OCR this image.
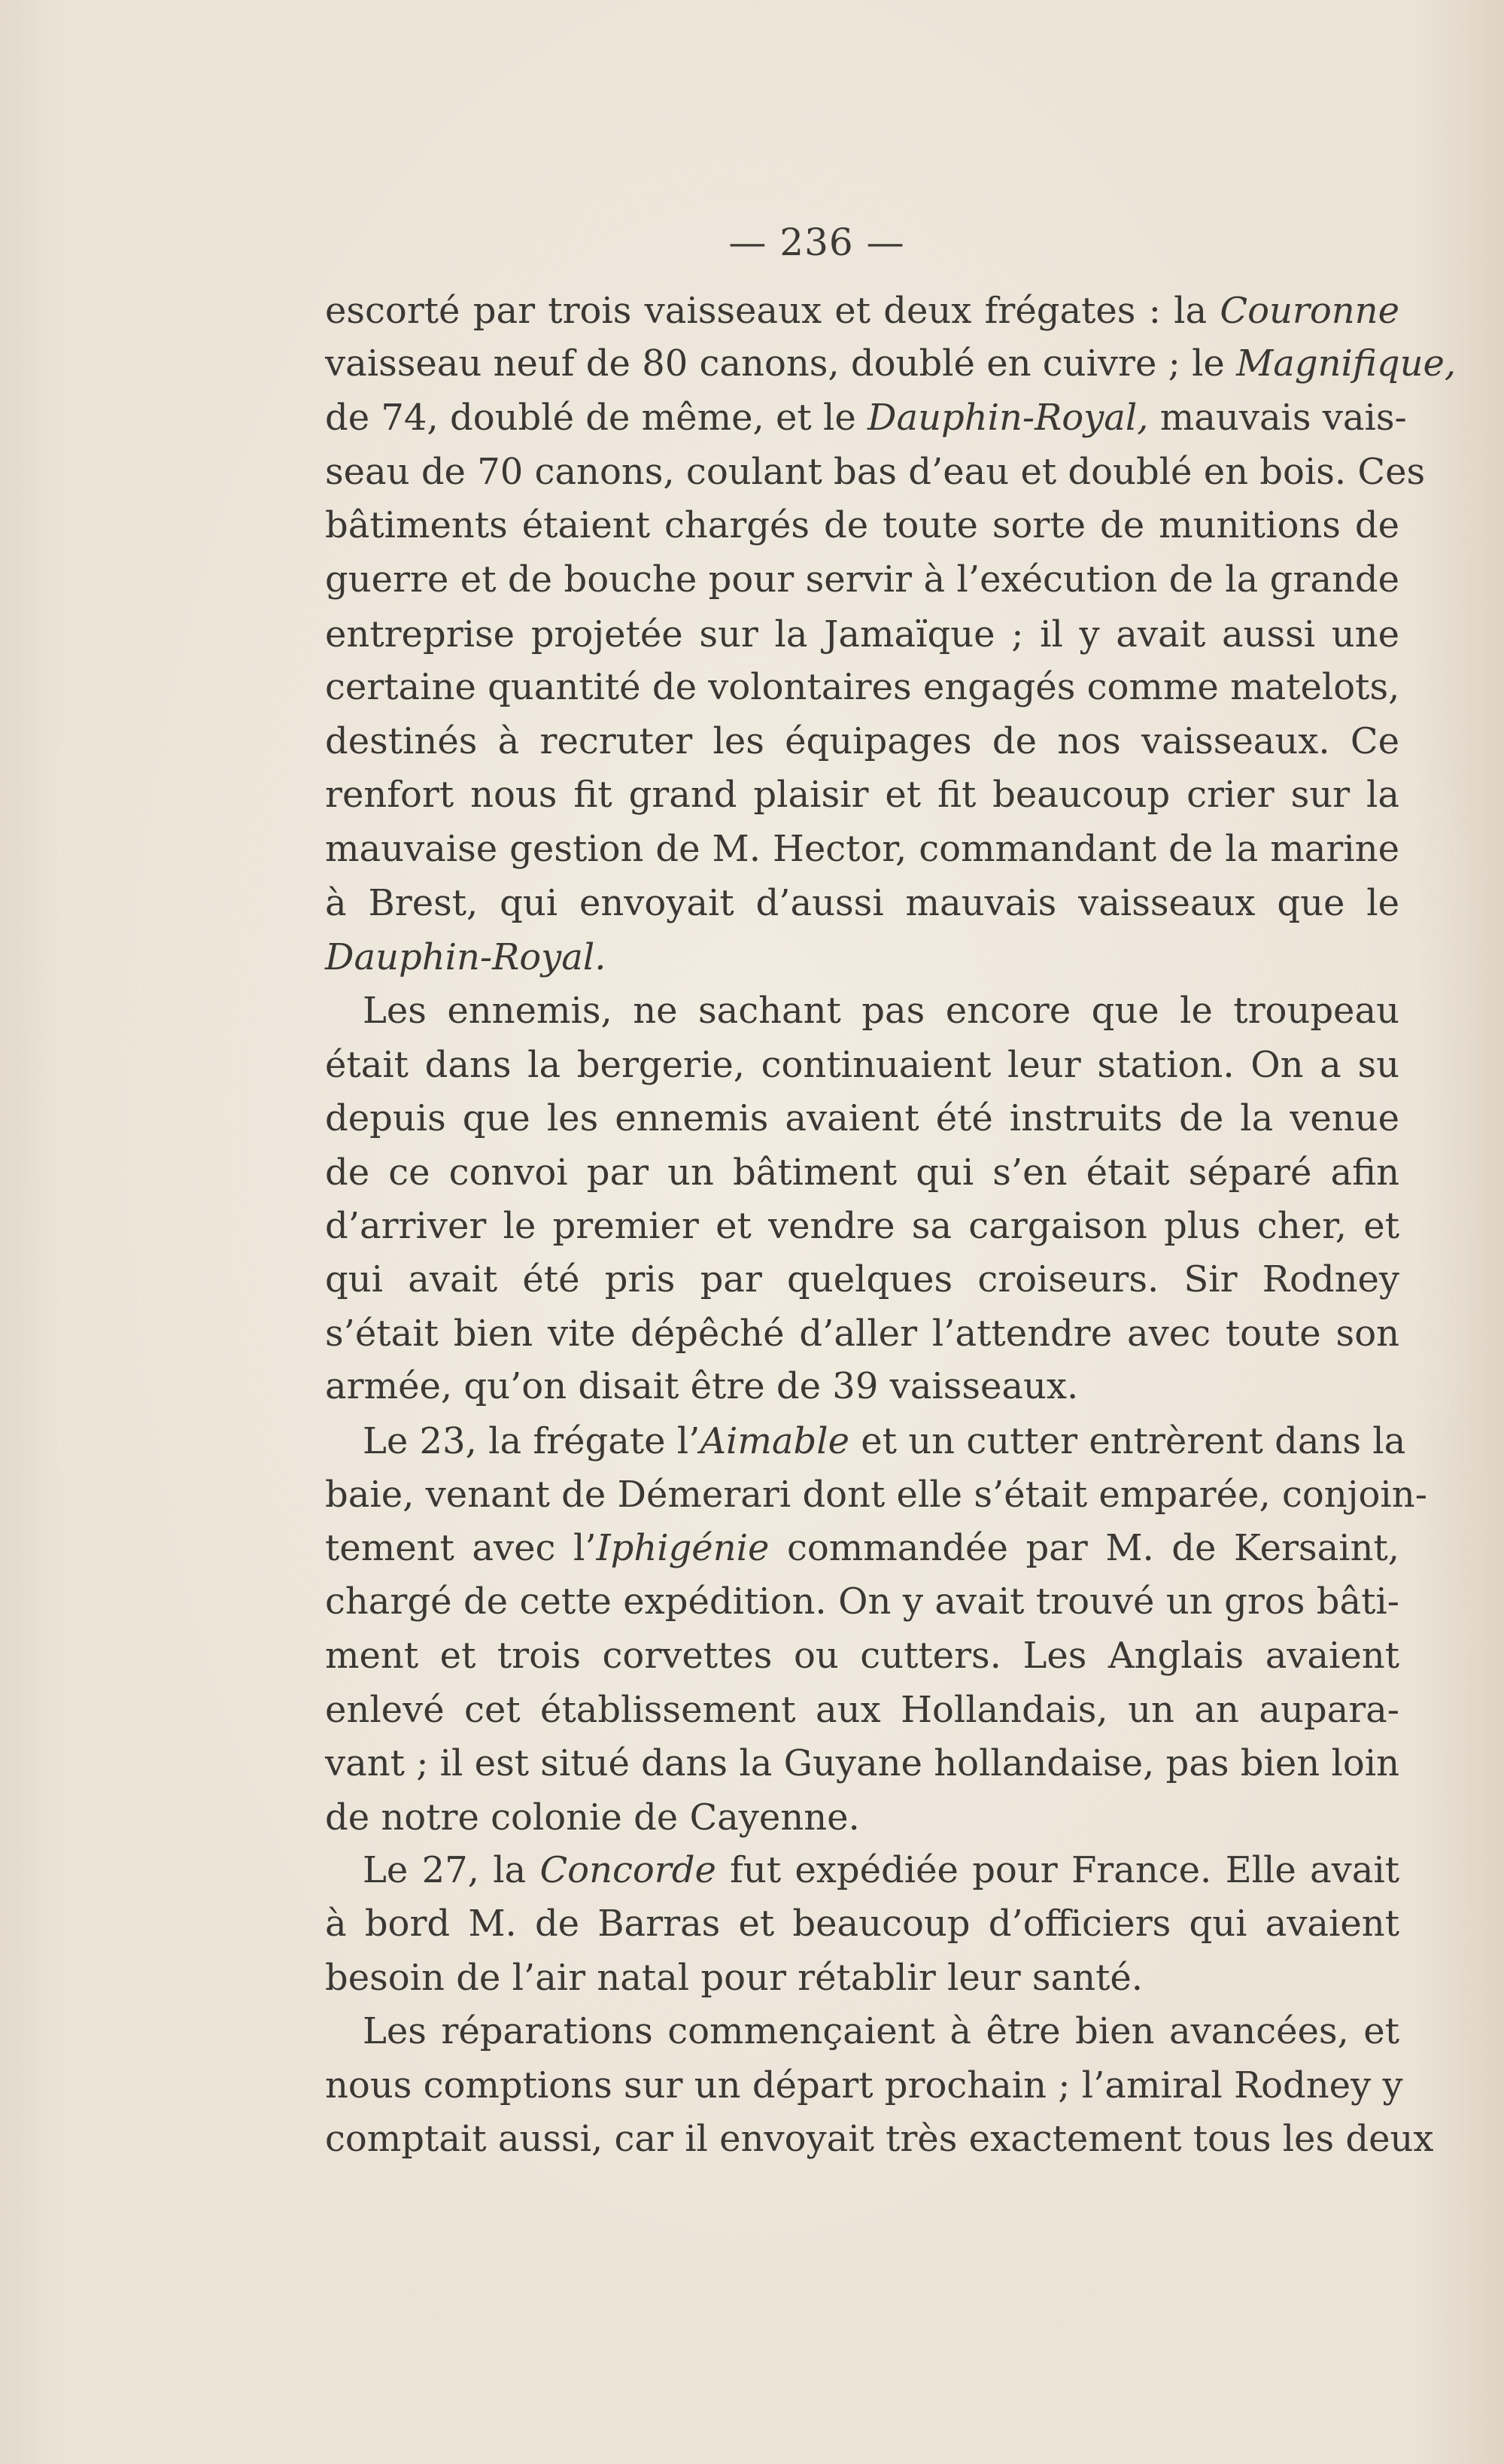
— 236 —
escorté par trois vaisseaux et deux frégates : la Couronne
vaisseau neuf de 80 canons, doublé en cuivre ; le Magnifique,
de 74, doublé de même, et le Dauphin-Royal, mauvais vais-
seau de 70 canons, coulant bas d’eau et doublé en bois. Ces
bâtiments étaient chargés de toute sorte de munitions de
guerre et de bouche pour servir à l’exécution de la grande
entreprise projetée sur la Jamaïque ; il y avait aussi une
certaine quantité de volontaires engagés comme matelots,
destinés à recruter les équipages de nos vaisseaux. Ce
renfort nous fit grand plaisir et fit beaucoup crier sur la
mauvaise gestion de M. Hector, commandant de la marine
à Brest, qui envoyait d’aussi mauvais vaisseaux que le
Dauphin-Royal.
Les ennemis, ne sachant pas encore que le troupeau
était dans la bergerie, continuaient leur station. On a su
depuis que les ennemis avaient été instruits de la venue
de ce convoi par un bâtiment qui s’en était séparé afin
d’arriver le premier et vendre sa cargaison plus cher, et
qui avait été pris par quelques croiseurs. Sir Rodney
s’était bien vite dépêché d’aller l’attendre avec toute son
armée, qu’on disait être de 39 vaisseaux.
Le 23, la frégate l’Aimable et un cutter entrèrent dans la
baie, venant de Démerari dont elle s’était emparée, conjoin-
tement avec l’Iphigénie commandée par M. de Kersaint,
chargé de cette expédition. On y avait trouvé un gros bâti-
ment et trois corvettes ou cutters. Les Anglais avaient
enlevé cet établissement aux Hollandais, un an aupara-
vant ; il est situé dans la Guyane hollandaise, pas bien loin
de notre colonie de Cayenne.
Le 27, la Concorde fut expédiée pour France. Elle avait
à bord M. de Barras et beaucoup d’officiers qui avaient
besoin de l’air natal pour rétablir leur santé.
Les réparations commençaient à être bien avancées, et
nous comptions sur un départ prochain ; l’amiral Rodney y
comptait aussi, car il envoyait très exactement tous les deux
